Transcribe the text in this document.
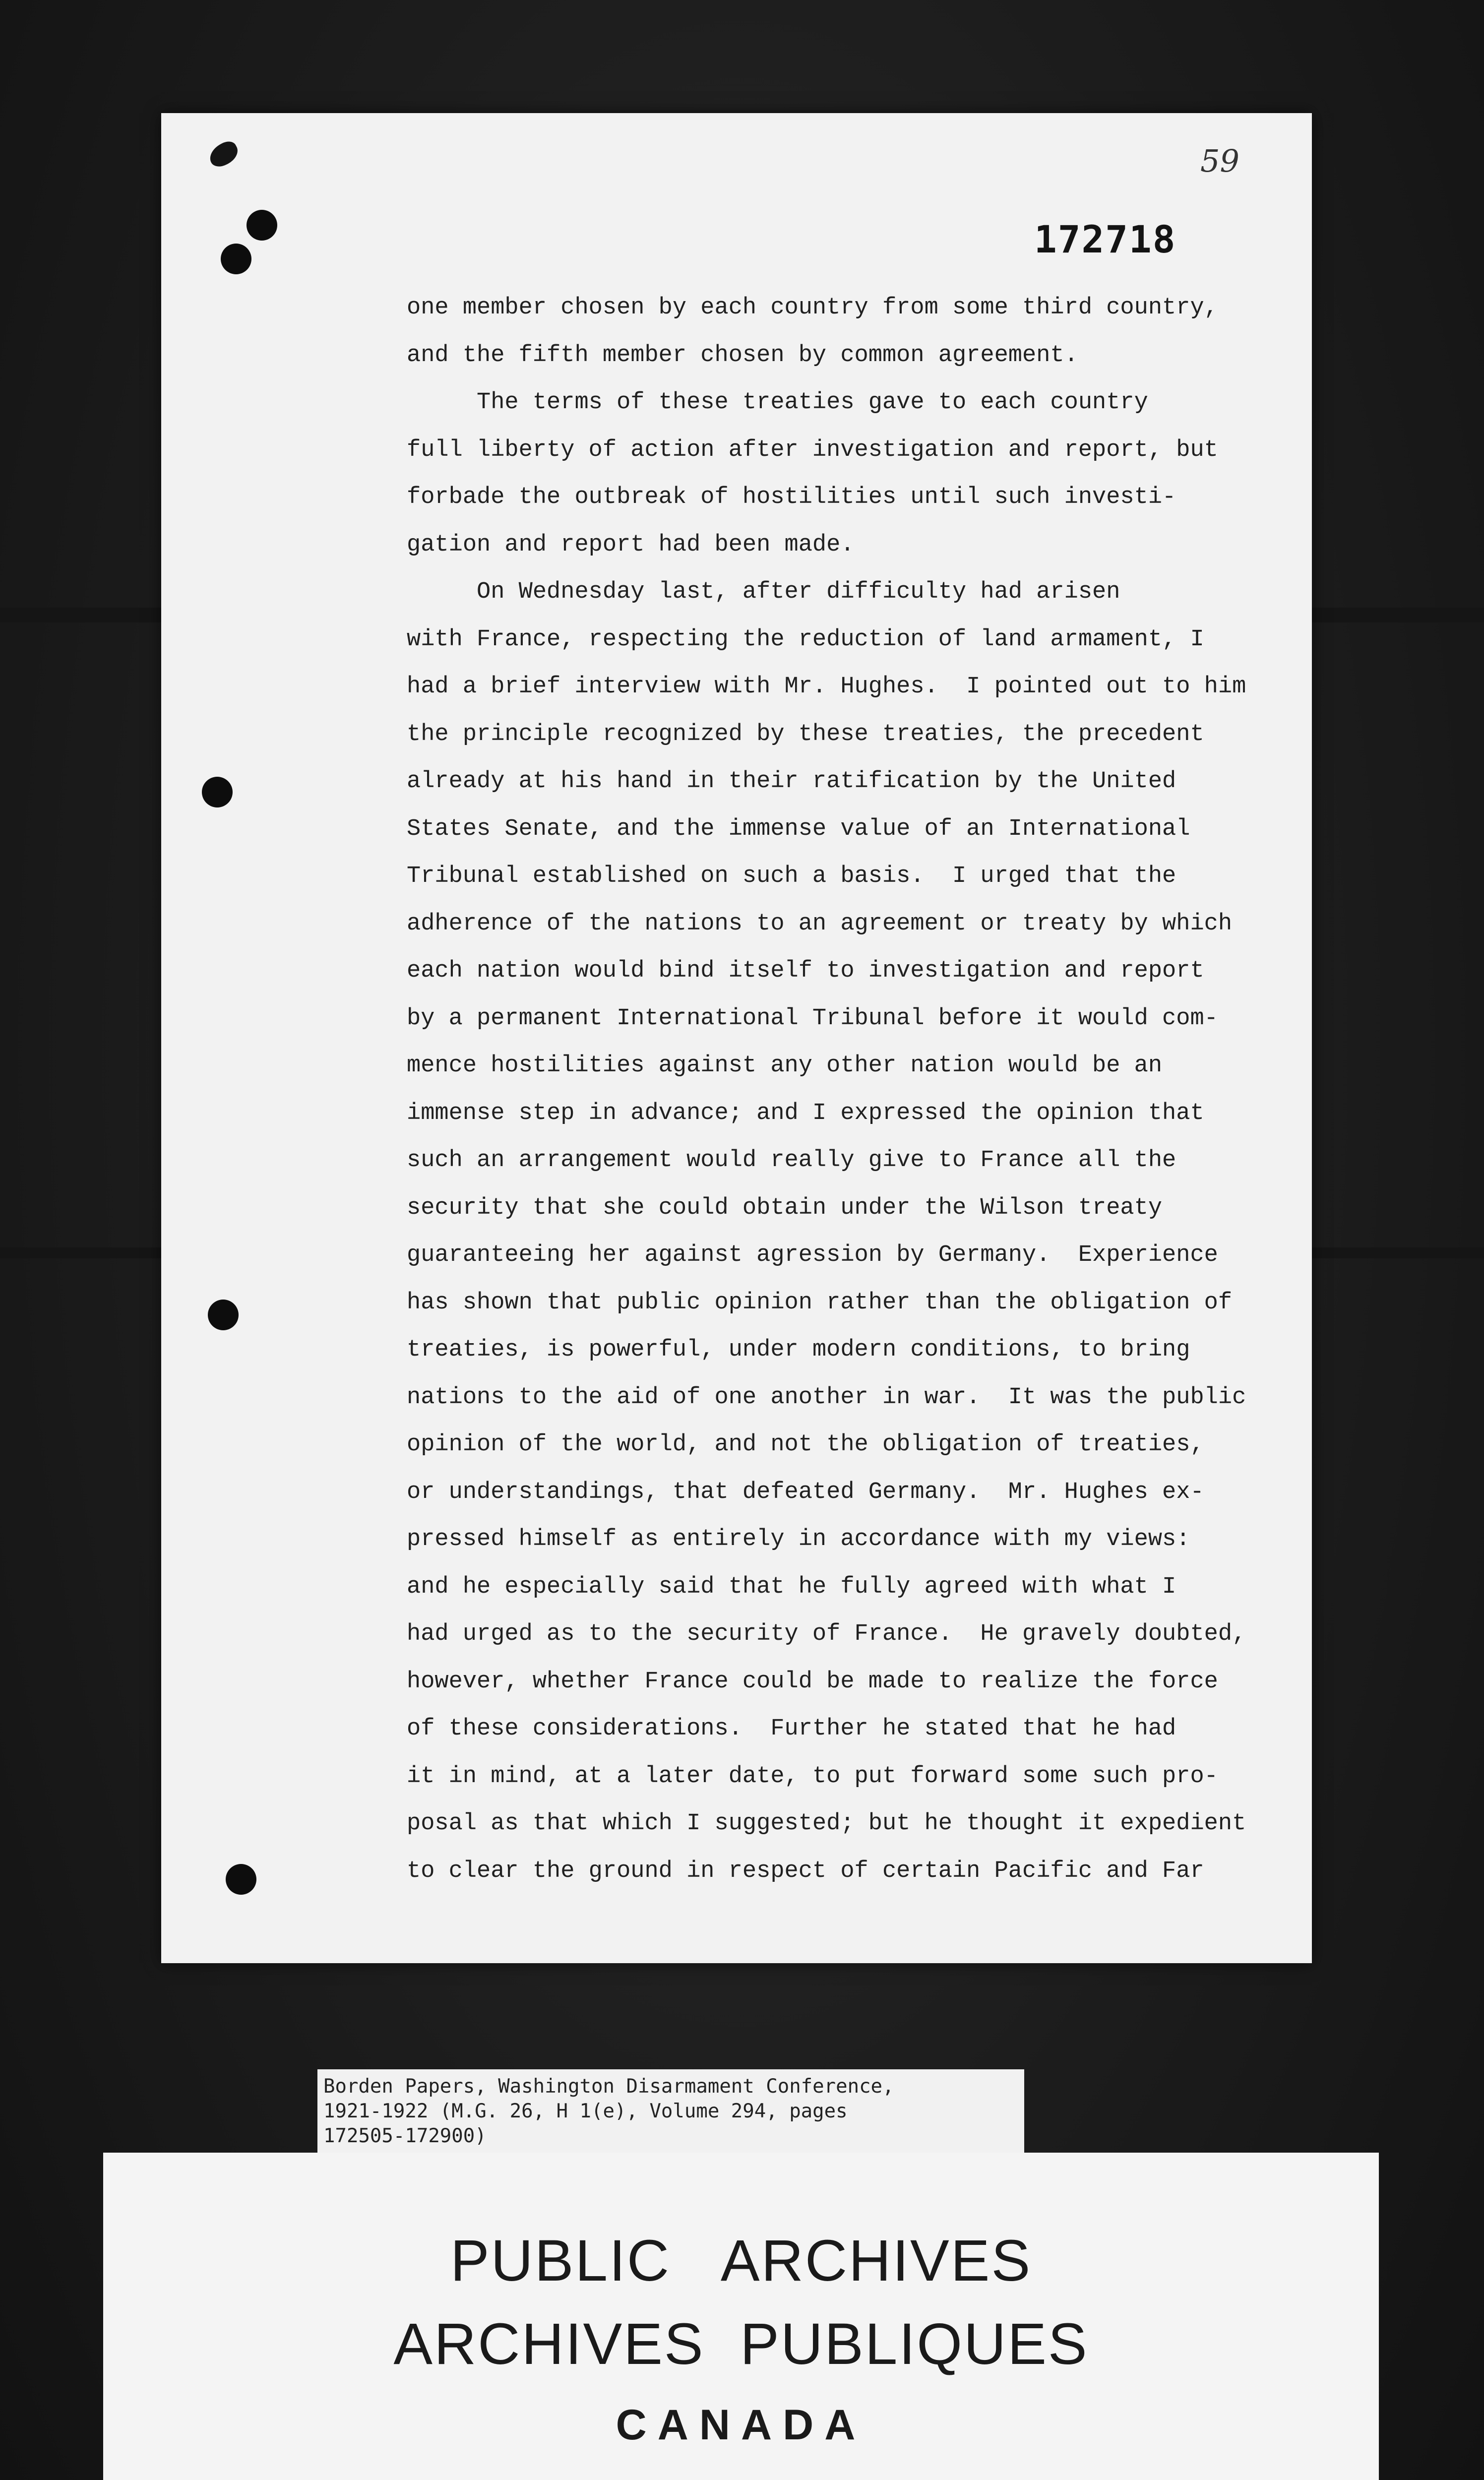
59
172718
one member chosen by each country from some third country,
and the fifth member chosen by common agreement.
The terms of these treaties gave to each country
full liberty of action after investigation and report, but
forbade the outbreak of hostilities until such investi-
gation and report had been made.
On Wednesday last, after difficulty had arisen
with France, respecting the reduction of land armament, I
had a brief interview with Mr. Hughes.  I pointed out to him
the principle recognized by these treaties, the precedent
already at his hand in their ratification by the United
States Senate, and the immense value of an International
Tribunal established on such a basis.  I urged that the
adherence of the nations to an agreement or treaty by which
each nation would bind itself to investigation and report
by a permanent International Tribunal before it would com-
mence hostilities against any other nation would be an
immense step in advance; and I expressed the opinion that
such an arrangement would really give to France all the
security that she could obtain under the Wilson treaty
guaranteeing her against agression by Germany.  Experience
has shown that public opinion rather than the obligation of
treaties, is powerful, under modern conditions, to bring
nations to the aid of one another in war.  It was the public
opinion of the world, and not the obligation of treaties,
or understandings, that defeated Germany.  Mr. Hughes ex-
pressed himself as entirely in accordance with my views:
and he especially said that he fully agreed with what I
had urged as to the security of France.  He gravely doubted,
however, whether France could be made to realize the force
of these considerations.  Further he stated that he had
it in mind, at a later date, to put forward some such pro-
posal as that which I suggested; but he thought it expedient
to clear the ground in respect of certain Pacific and Far
Borden Papers, Washington Disarmament Conference,
1921-1922 (M.G. 26, H 1(e), Volume 294, pages
172505-172900)
PUBLIC   ARCHIVES
ARCHIVES  PUBLIQUES
CANADA
